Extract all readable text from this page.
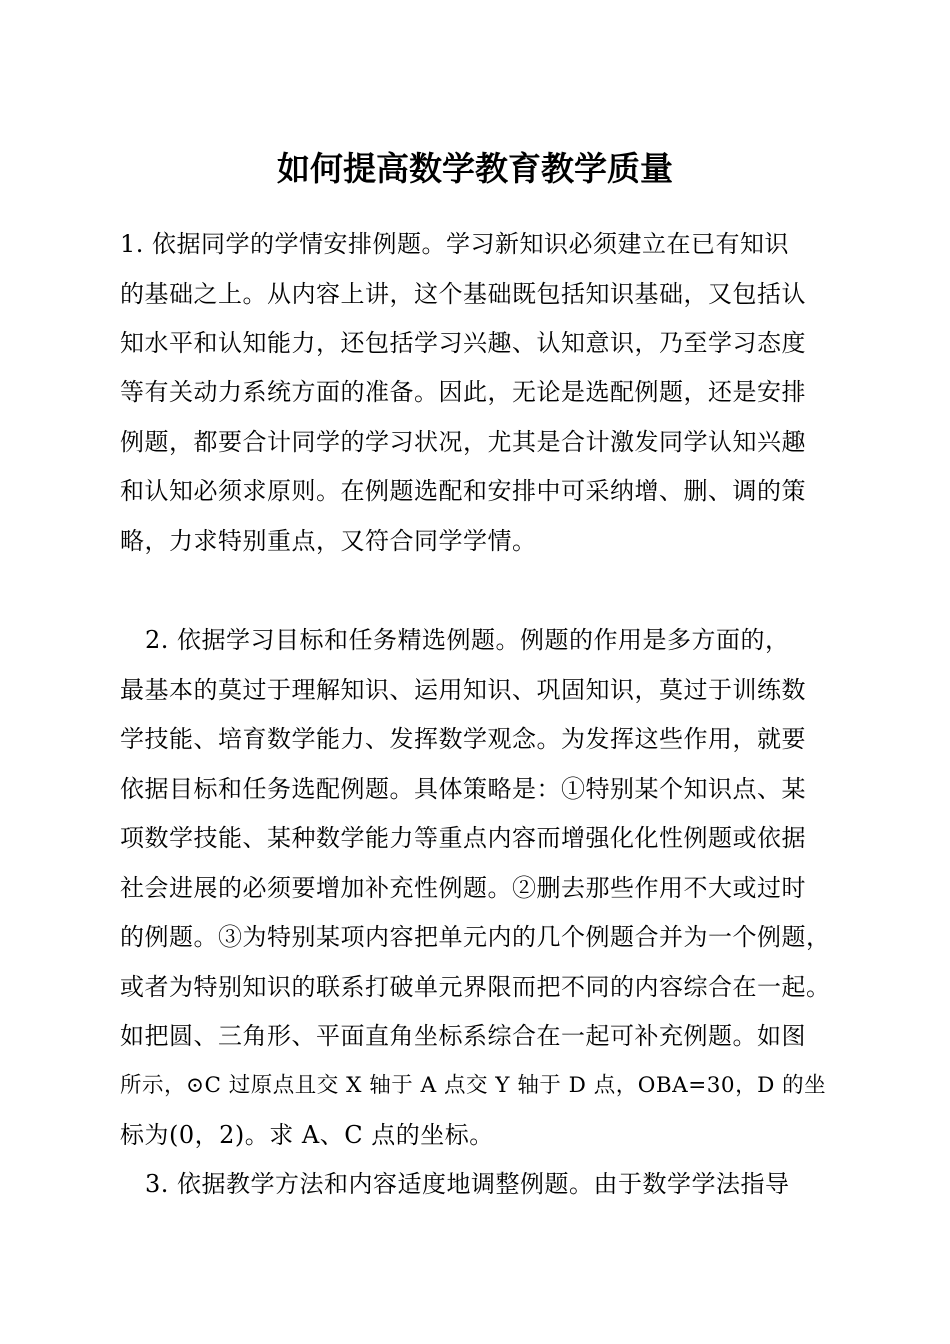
如何提高数学教育教学质量
1. 依据同学的学情安排例题。学习新知识必须建立在已有知识
的基础之上。从内容上讲，这个基础既包括知识基础，又包括认
知水平和认知能力，还包括学习兴趣、认知意识，乃至学习态度
等有关动力系统方面的准备。因此，无论是选配例题，还是安排
例题，都要合计同学的学习状况，尤其是合计激发同学认知兴趣
和认知必须求原则。在例题选配和安排中可采纳增、删、调的策
略，力求特别重点，又符合同学学情。
2. 依据学习目标和任务精选例题。例题的作用是多方面的，
最基本的莫过于理解知识、运用知识、巩固知识，莫过于训练数
学技能、培育数学能力、发挥数学观念。为发挥这些作用，就要
依据目标和任务选配例题。具体策略是：①特别某个知识点、某
项数学技能、某种数学能力等重点内容而增强化化性例题或依据
社会进展的必须要增加补充性例题。②删去那些作用不大或过时
的例题。③为特别某项内容把单元内的几个例题合并为一个例题，
或者为特别知识的联系打破单元界限而把不同的内容综合在一起。
如把圆、三角形、平面直角坐标系综合在一起可补充例题。如图
所示，⊙C 过原点且交 X 轴于 A 点交 Y 轴于 D 点，OBA=30，D 的坐
标为(0，2)。求 A、C 点的坐标。
3. 依据教学方法和内容适度地调整例题。由于数学学法指导
